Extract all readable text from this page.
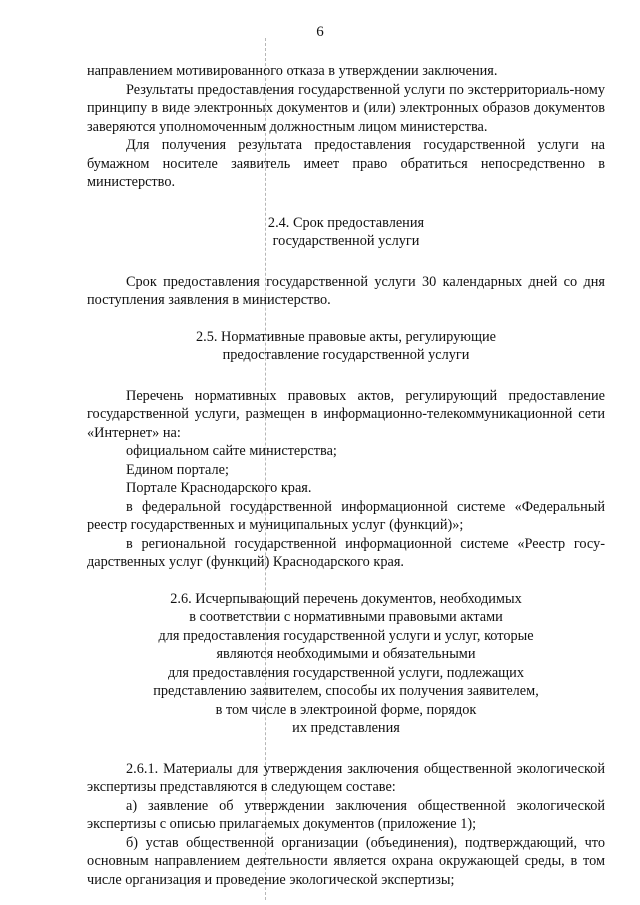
6

направлением мотивированного отказа в утверждении заключения.

Результаты предоставления государственной услуги по экстерриториаль-ному принципу в виде электронных документов и (или) электронных образов документов заверяются уполномоченным должностным лицом министерства.

Для получения результата предоставления государственной услуги на бумажном носителе заявитель имеет право обратиться непосредственно в министерство.

2.4. Срок предоставления
государственной услуги

Срок предоставления государственной услуги 30 календарных дней со дня поступления заявления в министерство.

2.5. Нормативные правовые акты, регулирующие
предоставление государственной услуги

Перечень нормативных правовых актов, регулирующий предоставление государственной услуги, размещен в информационно-телекоммуникационной сети «Интернет» на:

официальном сайте министерства;

Едином портале;

Портале Краснодарского края.

в федеральной государственной информационной системе «Федеральный реестр государственных и муниципальных услуг (функций)»;

в региональной государственной информационной системе «Реестр госу-дарственных услуг (функций) Краснодарского края.

2.6. Исчерпывающий перечень документов, необходимых
в соответствии с нормативными правовыми актами
для предоставления государственной услуги и услуг, которые
являются необходимыми и обязательными
для предоставления государственной услуги, подлежащих
представлению заявителем, способы их получения заявителем,
в том числе в электроиной форме, порядок
их представления

2.6.1. Материалы для утверждения заключения общественной экологической экспертизы представляются в следующем составе:

а) заявление об утверждении заключения общественной экологической экспертизы с описью прилагаемых документов (приложение 1);

б) устав общественной организации (объединения), подтверждающий, что основным направлением деятельности является охрана окружающей среды, в том числе организация и проведение экологической экспертизы;
